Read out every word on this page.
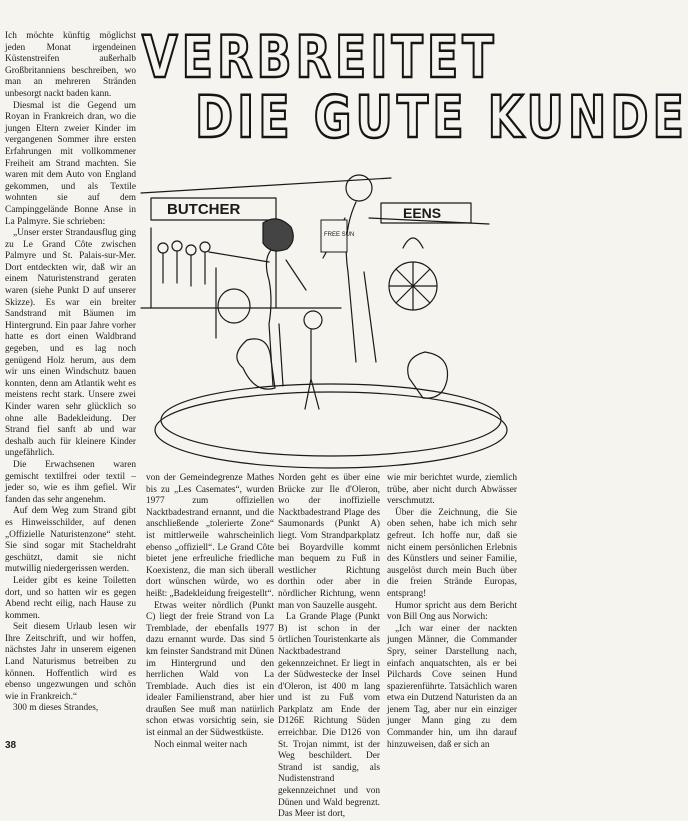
VERBREITET
DIE GUTE KUNDE

Ich möchte künftig möglichst jeden Monat irgendeinen Küstenstreifen außerhalb Großbritanniens beschreiben, wo man an mehreren Stränden unbesorgt nackt baden kann.

Diesmal ist die Gegend um Royan in Frankreich dran, wo die jungen Eltern zweier Kinder im vergangenen Sommer ihre ersten Erfahrungen mit vollkommener Freiheit am Strand machten. Sie waren mit dem Auto von England gekommen, und als Textile wohnten sie auf dem Campinggelände Bonne Anse in La Palmyre. Sie schrieben:

„Unser erster Strandausflug ging zu Le Grand Côte zwischen Palmyre und St. Palais-sur-Mer. Dort entdeckten wir, daß wir an einem Naturistenstrand geraten waren (siehe Punkt D auf unserer Skizze). Es war ein breiter Sandstrand mit Bäumen im Hintergrund. Ein paar Jahre vorher hatte es dort einen Waldbrand gegeben, und es lag noch genügend Holz herum, aus dem wir uns einen Windschutz bauen konnten, denn am Atlantik weht es meistens recht stark. Unsere zwei Kinder waren sehr glücklich so ohne alle Badekleidung. Der Strand fiel sanft ab und war deshalb auch für kleinere Kinder ungefährlich.

Die Erwachsenen waren gemischt textilfrei oder textil – jeder so, wie es ihm gefiel. Wir fanden das sehr angenehm.

Auf dem Weg zum Strand gibt es Hinweisschilder, auf denen „Offizielle Naturistenzone“ steht. Sie sind sogar mit Stacheldraht geschützt, damit sie nicht mutwillig niedergerissen werden.

Leider gibt es keine Toiletten dort, und so hatten wir es gegen Abend recht eilig, nach Hause zu kommen.

Seit diesem Urlaub lesen wir Ihre Zeitschrift, und wir hoffen, nächstes Jahr in unserem eigenen Land Naturismus betreiben zu können. Hoffentlich wird es ebenso ungezwungen und schön wie in Frankreich.“

300 m dieses Strandes,

BUTCHER	EENS
FREE SUN

von der Gemeindegrenze Mathes bis zu „Les Casemates“, wurden 1977 zum offiziellen Nacktbadestrand ernannt, und die anschließende „tolerierte Zone“ ist mittlerweile wahrscheinlich ebenso „offiziell“. Le Grand Côte bietet jene erfreuliche friedliche Koexistenz, die man sich überall dort wünschen würde, wo es heißt: „Badekleidung freigestellt“.

Etwas weiter nördlich (Punkt C) liegt der freie Strand von La Tremblade, der ebenfalls 1977 dazu ernannt wurde. Das sind 5 km feinster Sandstrand mit Dünen im Hintergrund und den herrlichen Wald von La Tremblade. Auch dies ist ein idealer Familienstrand, aber hier draußen See muß man natürlich schon etwas vorsichtig sein, sie ist einmal an der Südwestküste.

Noch einmal weiter nach

Norden geht es über eine Brücke zur Ile d'Oleron, wo der inoffizielle Nacktbadestrand Plage des Saumonards (Punkt A) liegt. Vom Strandparkplatz bei Boyardville kommt man bequem zu Fuß in westlicher Richtung dorthin oder aber in nördlicher Richtung, wenn man von Sauzelle ausgeht.

La Grande Plage (Punkt B) ist schon in der örtlichen Touristenkarte als Nacktbadestrand gekennzeichnet. Er liegt in der Südwestecke der Insel d'Oleron, ist 400 m lang und ist zu Fuß vom Parkplatz am Ende der D126E Richtung Süden erreichbar. Die D126 von St. Trojan nimmt, ist der Weg beschildert. Der Strand ist sandig, als Nudistenstrand gekennzeichnet und von Dünen und Wald begrenzt. Das Meer ist dort,

wie mir berichtet wurde, ziemlich trübe, aber nicht durch Abwässer verschmutzt.

Über die Zeichnung, die Sie oben sehen, habe ich mich sehr gefreut. Ich hoffe nur, daß sie nicht einem persönlichen Erlebnis des Künstlers und seiner Familie, ausgelöst durch mein Buch über die freien Strände Europas, entsprang!

Humor spricht aus dem Bericht von Bill Ong aus Norwich:

„Ich war einer der nackten jungen Männer, die Commander Spry, seiner Darstellung nach, einfach anquatschten, als er bei Pilchards Cove seinen Hund spazierenführte. Tatsächlich waren etwa ein Dutzend Naturisten da an jenem Tag, aber nur ein einziger junger Mann ging zu dem Commander hin, um ihn darauf hinzuweisen, daß er sich an

38
